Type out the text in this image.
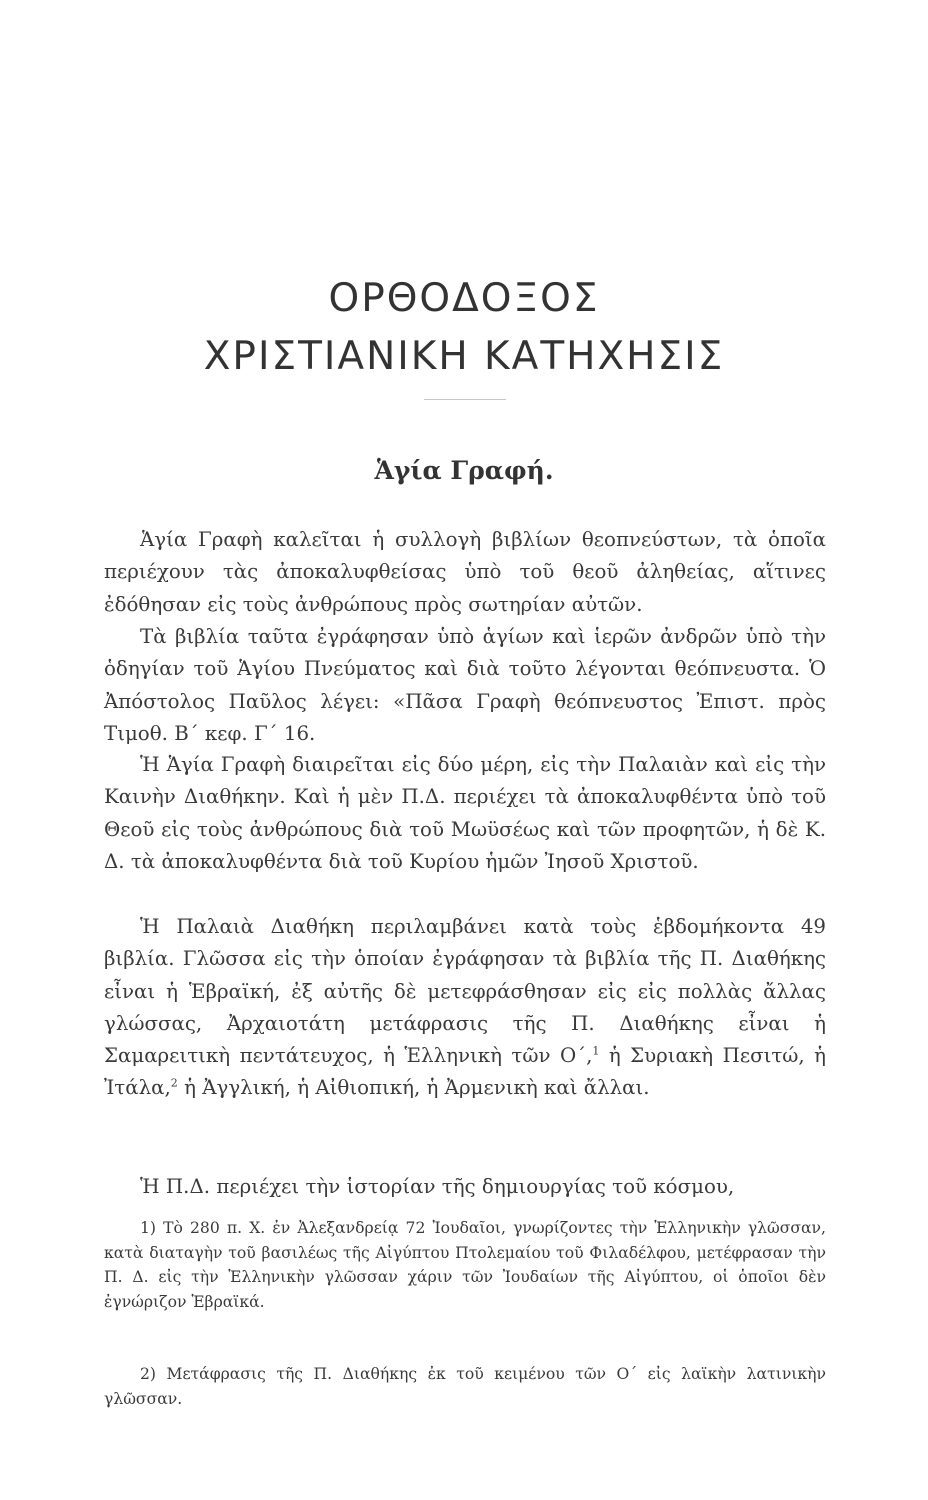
ΟΡΘΟΔΟΞΟΣ
ΧΡΙΣΤΙΑΝΙΚΗ ΚΑΤΗΧΗΣΙΣ
Ἁγία Γραφή.

Ἁγία Γραφὴ καλεῖται ἡ συλλογὴ βιβλίων θεοπνεύστων, τὰ ὁποῖα περιέχουν τὰς ἀποκαλυφθείσας ὑπὸ τοῦ θεοῦ ἀληθείας, αἵτινες ἐδόθησαν εἰς τοὺς ἀνθρώπους πρὸς σωτηρίαν αὐτῶν.

Τὰ βιβλία ταῦτα ἐγράφησαν ὑπὸ ἁγίων καὶ ἱερῶν ἀνδρῶν ὑπὸ τὴν ὁδηγίαν τοῦ Ἁγίου Πνεύματος καὶ διὰ τοῦτο λέγονται θεόπνευστα. Ὁ Ἀπόστολος Παῦλος λέγει: «Πᾶσα Γραφὴ θεόπνευστος Ἐπιστ. πρὸς Τιμοθ. Β΄ κεφ. Γ΄ 16.

Ἡ Ἁγία Γραφὴ διαιρεῖται εἰς δύο μέρη, εἰς τὴν Παλαιὰν καὶ εἰς τὴν Καινὴν Διαθήκην. Καὶ ἡ μὲν Π.Δ. περιέχει τὰ ἀποκαλυφθέντα ὑπὸ τοῦ Θεοῦ εἰς τοὺς ἀνθρώπους διὰ τοῦ Μωϋσέως καὶ τῶν προφητῶν, ἡ δὲ Κ. Δ. τὰ ἀποκαλυφθέντα διὰ τοῦ Κυρίου ἡμῶν Ἰησοῦ Χριστοῦ.

Ἡ Παλαιὰ Διαθήκη περιλαμβάνει κατὰ τοὺς ἑβδομήκοντα 49 βιβλία. Γλῶσσα εἰς τὴν ὁποίαν ἐγράφησαν τὰ βιβλία τῆς Π. Διαθήκης εἶναι ἡ Ἑβραϊκή, ἐξ αὐτῆς δὲ μετεφράσθησαν εἰς εἰς πολλὰς ἄλλας γλώσσας, Ἀρχαιοτάτη μετάφρασις τῆς Π. Διαθήκης εἶναι ἡ Σαμαρειτικὴ πεντάτευχος, ἡ Ἑλληνικὴ τῶν Ο΄,$^1$ ἡ Συριακὴ Πεσιτώ, ἡ Ἰτάλα,$^2$ ἡ Ἀγγλική, ἡ Αἰθιοπική, ἡ Ἀρμενικὴ καὶ ἄλλαι.

Ἡ Π.Δ. περιέχει τὴν ἱστορίαν τῆς δημιουργίας τοῦ κόσμου,

1) Τὸ 280 π. Χ. ἐν Ἀλεξανδρείᾳ 72 Ἰουδαῖοι, γνωρίζοντες τὴν Ἑλληνικὴν γλῶσσαν, κατὰ διαταγὴν τοῦ βασιλέως τῆς Αἰγύπτου Πτολεμαίου τοῦ Φιλαδέλφου, μετέφρασαν τὴν Π. Δ. εἰς τὴν Ἑλληνικὴν γλῶσσαν χάριν τῶν Ἰουδαίων τῆς Αἰγύπτου, οἱ ὁποῖοι δὲν ἐγνώριζον Ἑβραϊκά.

2) Μετάφρασις τῆς Π. Διαθήκης ἐκ τοῦ κειμένου τῶν Ο΄ εἰς λαϊκὴν λατινικὴν γλῶσσαν.
